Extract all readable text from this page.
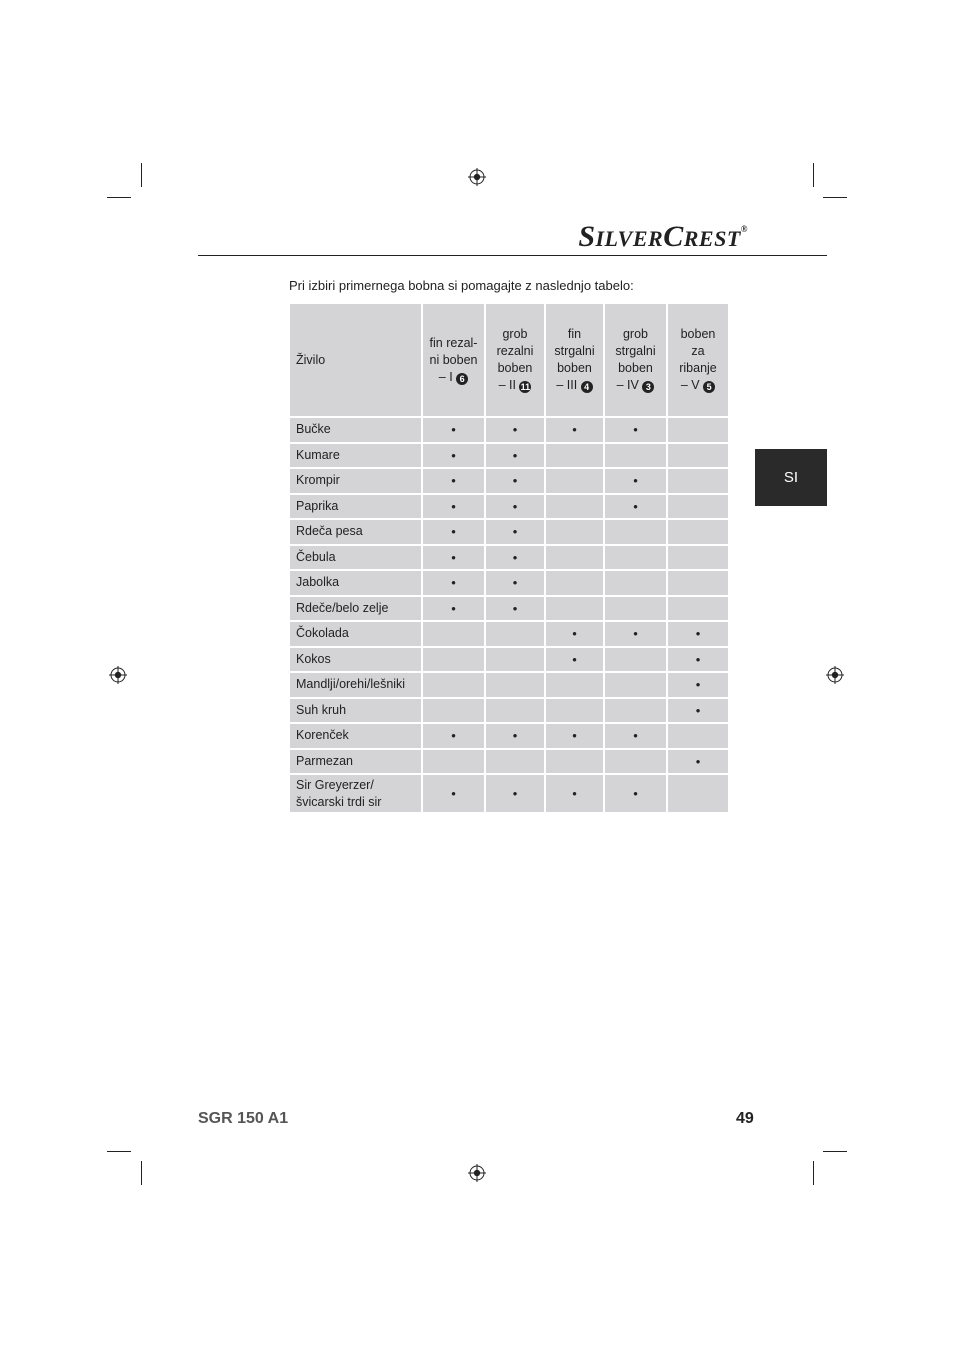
SILVERCREST®
Pri izbiri primernega bobna si pomagajte z naslednjo tabelo:
SI
Živilo	fin rezal-
ni boben
– I 6	grob
rezalni
boben
– II 11	fin
strgalni
boben
– III 4	grob
strgalni
boben
– IV 3	boben
za
ribanje
– V 5
Bučke	•	•	•	•	
Kumare	•	•			
Krompir	•	•		•	
Paprika	•	•		•	
Rdeča pesa	•	•			
Čebula	•	•			
Jabolka	•	•			
Rdeče/belo zelje	•	•			
Čokolada			•	•	•
Kokos			•		•
Mandlji/orehi/lešniki					•
Suh kruh					•
Korenček	•	•	•	•	
Parmezan					•
Sir Greyerzer/
švicarski trdi sir	•	•	•	•	
SGR 150 A1	49
